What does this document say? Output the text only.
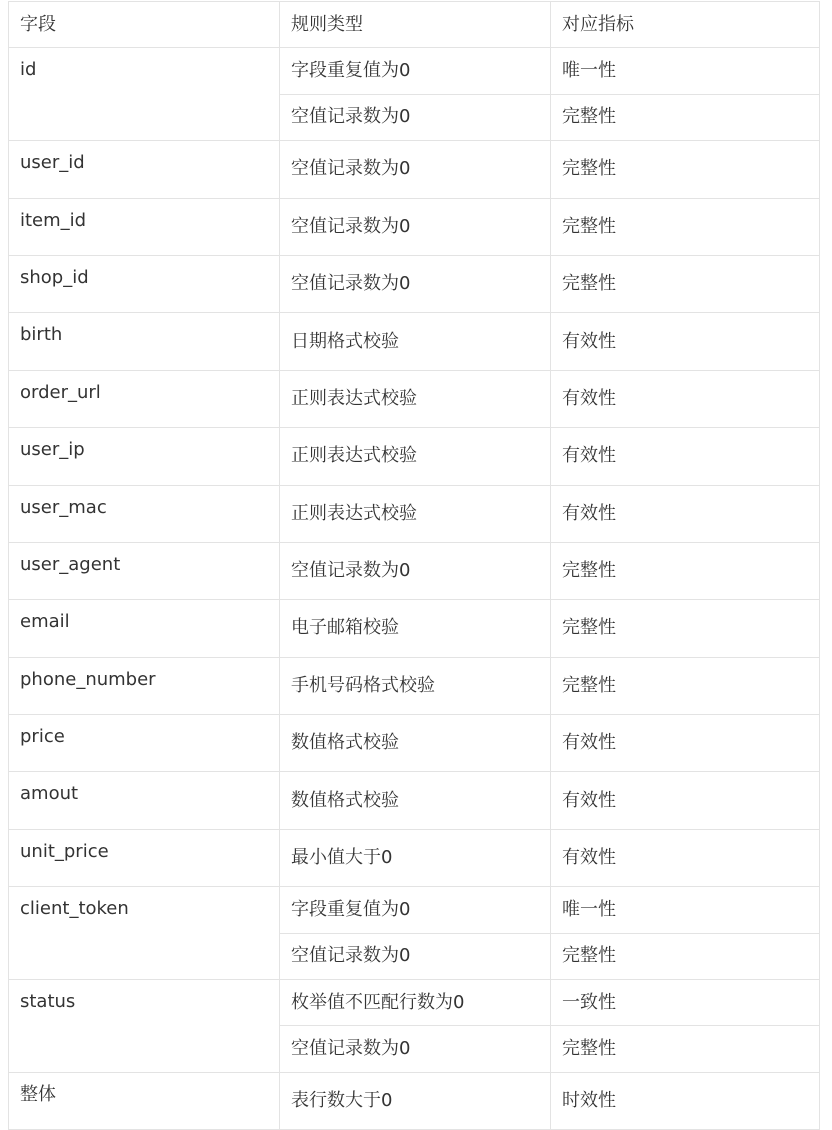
字段	规则类型	对应指标
id	字段重复值为0	唯一性
	空值记录数为0	完整性
user_id	空值记录数为0	完整性
item_id	空值记录数为0	完整性
shop_id	空值记录数为0	完整性
birth	日期格式校验	有效性
order_url	正则表达式校验	有效性
user_ip	正则表达式校验	有效性
user_mac	正则表达式校验	有效性
user_agent	空值记录数为0	完整性
email	电子邮箱校验	完整性
phone_number	手机号码格式校验	完整性
price	数值格式校验	有效性
amout	数值格式校验	有效性
unit_price	最小值大于0	有效性
client_token	字段重复值为0	唯一性
	空值记录数为0	完整性
status	枚举值不匹配行数为0	一致性
	空值记录数为0	完整性
整体	表行数大于0	时效性
